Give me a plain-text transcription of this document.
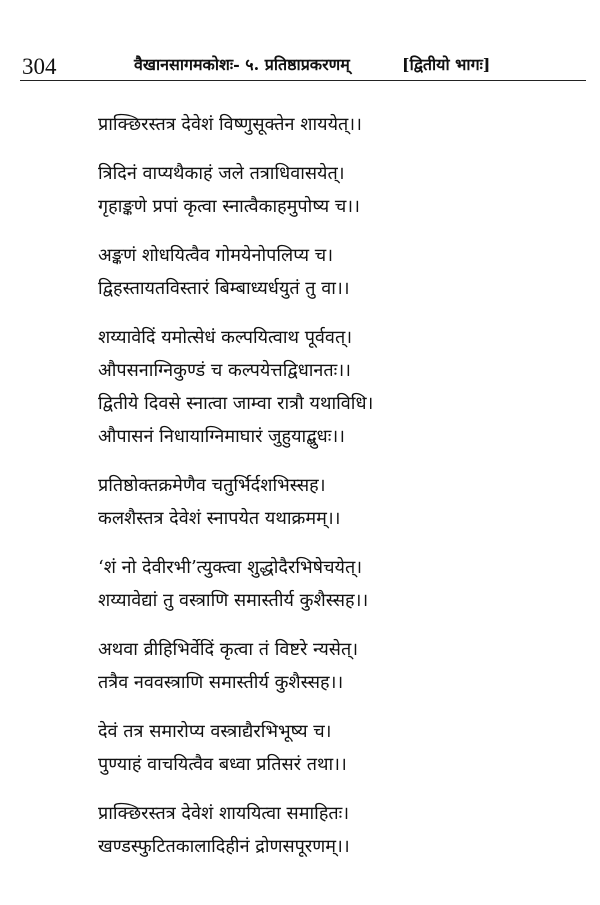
304	वैखानसागमकोशः- ५. प्रतिष्ठाप्रकरणम्	[द्वितीयो भागः]
प्राक्छिरस्तत्र देवेशं विष्णुसूक्तेन शाययेत्।।
त्रिदिनं वाप्यथैकाहं जले तत्राधिवासयेत्।
गृहाङ्कणे प्रपां कृत्वा स्नात्वैकाहमुपोष्य च।।
अङ्कणं शोधयित्वैव गोमयेनोपलिप्य च।
द्विहस्तायतविस्तारं बिम्बाध्यर्धयुतं तु वा।।
शय्यावेदिं यमोत्सेधं कल्पयित्वाथ पूर्ववत्।
औपसनाग्निकुण्डं च कल्पयेत्तद्विधानतः।।
द्वितीये दिवसे स्नात्वा जाम्वा रात्रौ यथाविधि।
औपासनं निधायाग्निमाघारं जुहुयाद्बुधः।।
प्रतिष्ठोक्तक्रमेणैव चतुर्भिर्दशभिस्सह।
कलशैस्तत्र देवेशं स्नापयेत यथाक्रमम्।।
‘शं नो देवीरभी’त्युक्त्वा शुद्धोदैरभिषेचयेत्।
शय्यावेद्यां तु वस्त्राणि समास्तीर्य कुशैस्सह।।
अथवा व्रीहिभिर्वेदिं कृत्वा तं विष्टरे न्यसेत्।
तत्रैव नववस्त्राणि समास्तीर्य कुशैस्सह।।
देवं तत्र समारोप्य वस्त्राद्यैरभिभूष्य च।
पुण्याहं वाचयित्वैव बध्वा प्रतिसरं तथा।।
प्राक्छिरस्तत्र देवेशं शाययित्वा समाहितः।
खण्डस्फुटितकालादिहीनं द्रोणसपूरणम्।।
